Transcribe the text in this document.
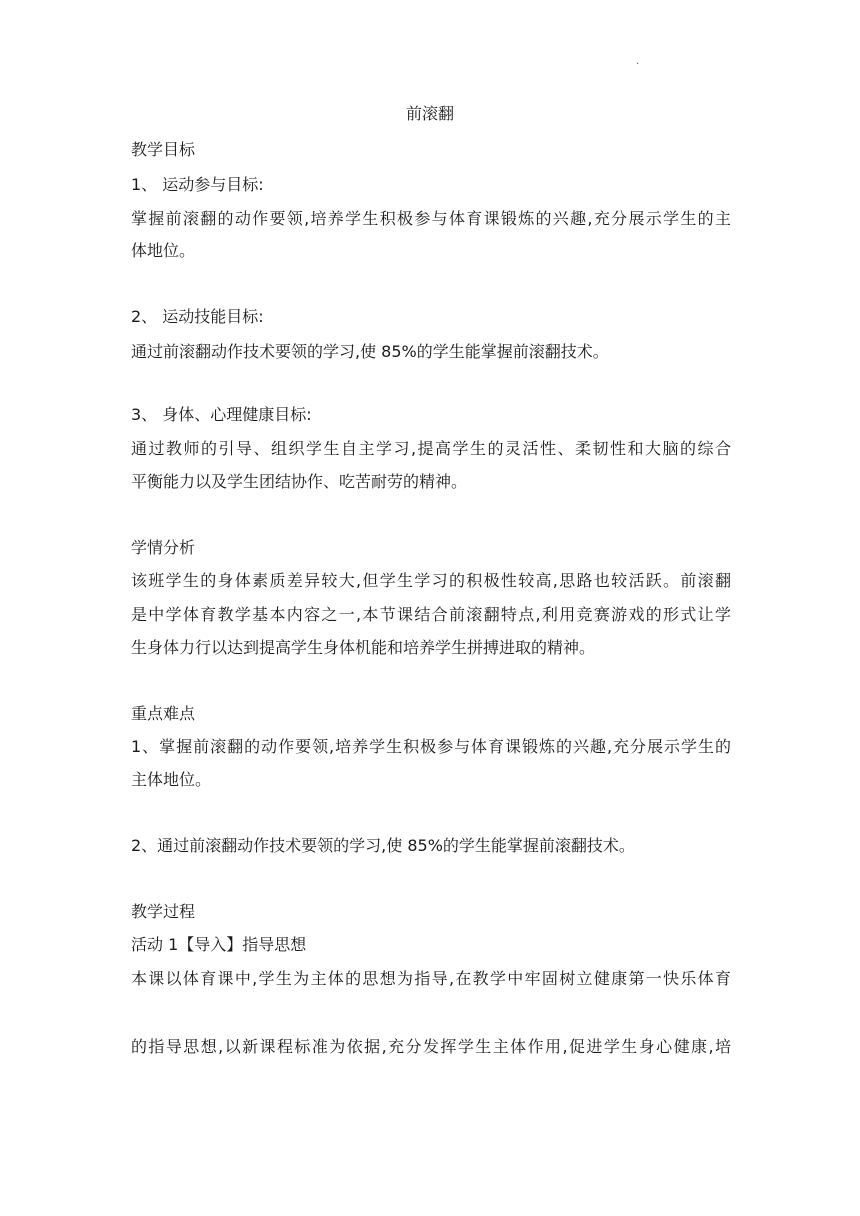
.
前滚翻
教学目标
1、 运动参与目标:
掌握前滚翻的动作要领,培养学生积极参与体育课锻炼的兴趣,充分展示学生的主
体地位。
2、 运动技能目标:
通过前滚翻动作技术要领的学习,使 85%的学生能掌握前滚翻技术。
3、 身体、心理健康目标:
通过教师的引导、组织学生自主学习,提高学生的灵活性、柔韧性和大脑的综合
平衡能力以及学生团结协作、吃苦耐劳的精神。
学情分析
该班学生的身体素质差异较大,但学生学习的积极性较高,思路也较活跃。前滚翻
是中学体育教学基本内容之一,本节课结合前滚翻特点,利用竞赛游戏的形式让学
生身体力行以达到提高学生身体机能和培养学生拼搏进取的精神。
重点难点
1、掌握前滚翻的动作要领,培养学生积极参与体育课锻炼的兴趣,充分展示学生的
主体地位。
2、通过前滚翻动作技术要领的学习,使 85%的学生能掌握前滚翻技术。
教学过程
活动 1【导入】指导思想
本课以体育课中,学生为主体的思想为指导,在教学中牢固树立健康第一快乐体育
的指导思想,以新课程标准为依据,充分发挥学生主体作用,促进学生身心健康,培
